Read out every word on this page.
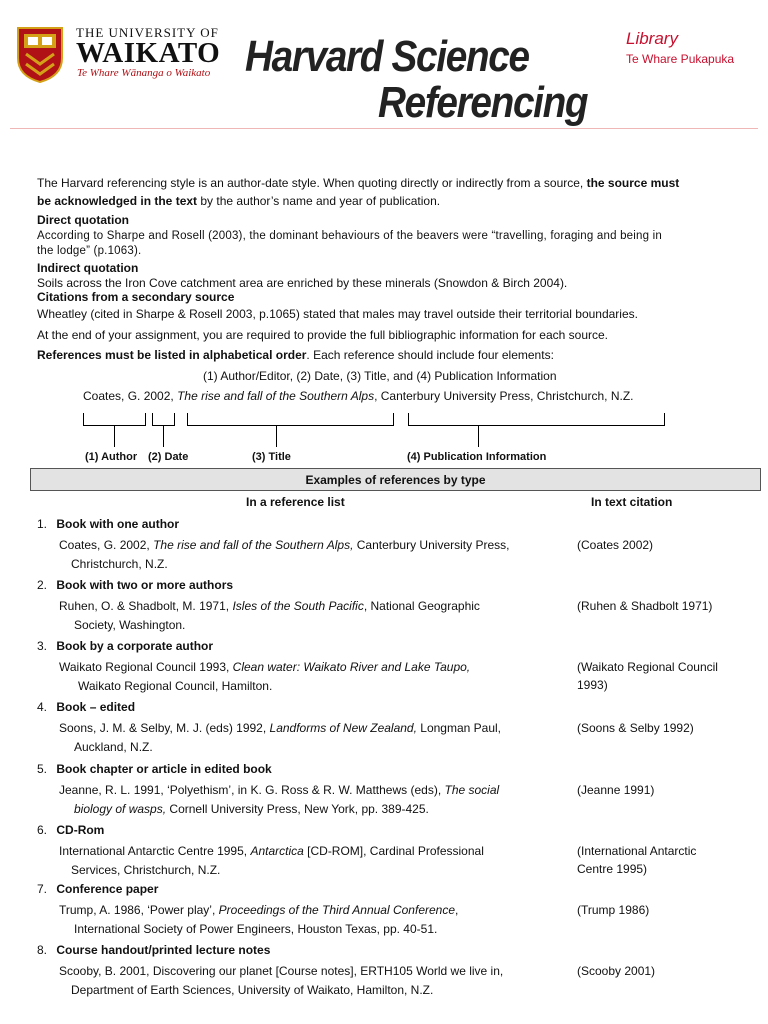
THE UNIVERSITY OF
WAIKATO
Te Whare Wānanga o Waikato Harvard Science
Referencing
Library
Te Whare Pukapuka
The Harvard referencing style is an author-date style. When quoting directly or indirectly from a source, the source must
be acknowledged in the text by the author’s name and year of publication.
Direct quotation
According to Sharpe and Rosell (2003), the dominant behaviours of the beavers were “travelling, foraging and being in
the lodge” (p.1063).
Indirect quotation
Soils across the Iron Cove catchment area are enriched by these minerals (Snowdon & Birch 2004).
Citations from a secondary source
Wheatley (cited in Sharpe & Rosell 2003, p.1065) stated that males may travel outside their territorial boundaries.
At the end of your assignment, you are required to provide the full bibliographic information for each source.
References must be listed in alphabetical order. Each reference should include four elements:
(1) Author/Editor, (2) Date, (3) Title, and (4) Publication Information
Coates, G. 2002, The rise and fall of the Southern Alps, Canterbury University Press, Christchurch, N.Z.
(1) Author (2) Date	(3) Title	(4) Publication Information
Examples of references by type
In a reference list	In text citation
1.  Book with one author
Coates, G. 2002, The rise and fall of the Southern Alps, Canterbury University Press,
Christchurch, N.Z.
(Coates 2002)
2.  Book with two or more authors
Ruhen, O. & Shadbolt, M. 1971, Isles of the South Pacific, National Geographic
Society, Washington.
(Ruhen & Shadbolt 1971)
3.  Book by a corporate author
Waikato Regional Council 1993, Clean water: Waikato River and Lake Taupo,
Waikato Regional Council, Hamilton.
(Waikato Regional Council
1993)
4.  Book – edited
Soons, J. M. & Selby, M. J. (eds) 1992, Landforms of New Zealand, Longman Paul,
Auckland, N.Z.
(Soons & Selby 1992)
5.  Book chapter or article in edited book
Jeanne, R. L. 1991, ‘Polyethism’, in K. G. Ross & R. W. Matthews (eds), The social
biology of wasps, Cornell University Press, New York, pp. 389-425.
(Jeanne 1991)
6.  CD-Rom
International Antarctic Centre 1995, Antarctica [CD-ROM], Cardinal Professional
Services, Christchurch, N.Z.
(International Antarctic
Centre 1995)
7.  Conference paper
Trump, A. 1986, ‘Power play’, Proceedings of the Third Annual Conference,
International Society of Power Engineers, Houston Texas, pp. 40-51.
(Trump 1986)
8.  Course handout/printed lecture notes
Scooby, B. 2001, Discovering our planet [Course notes], ERTH105 World we live in,
Department of Earth Sciences, University of Waikato, Hamilton, N.Z.
(Scooby 2001)
